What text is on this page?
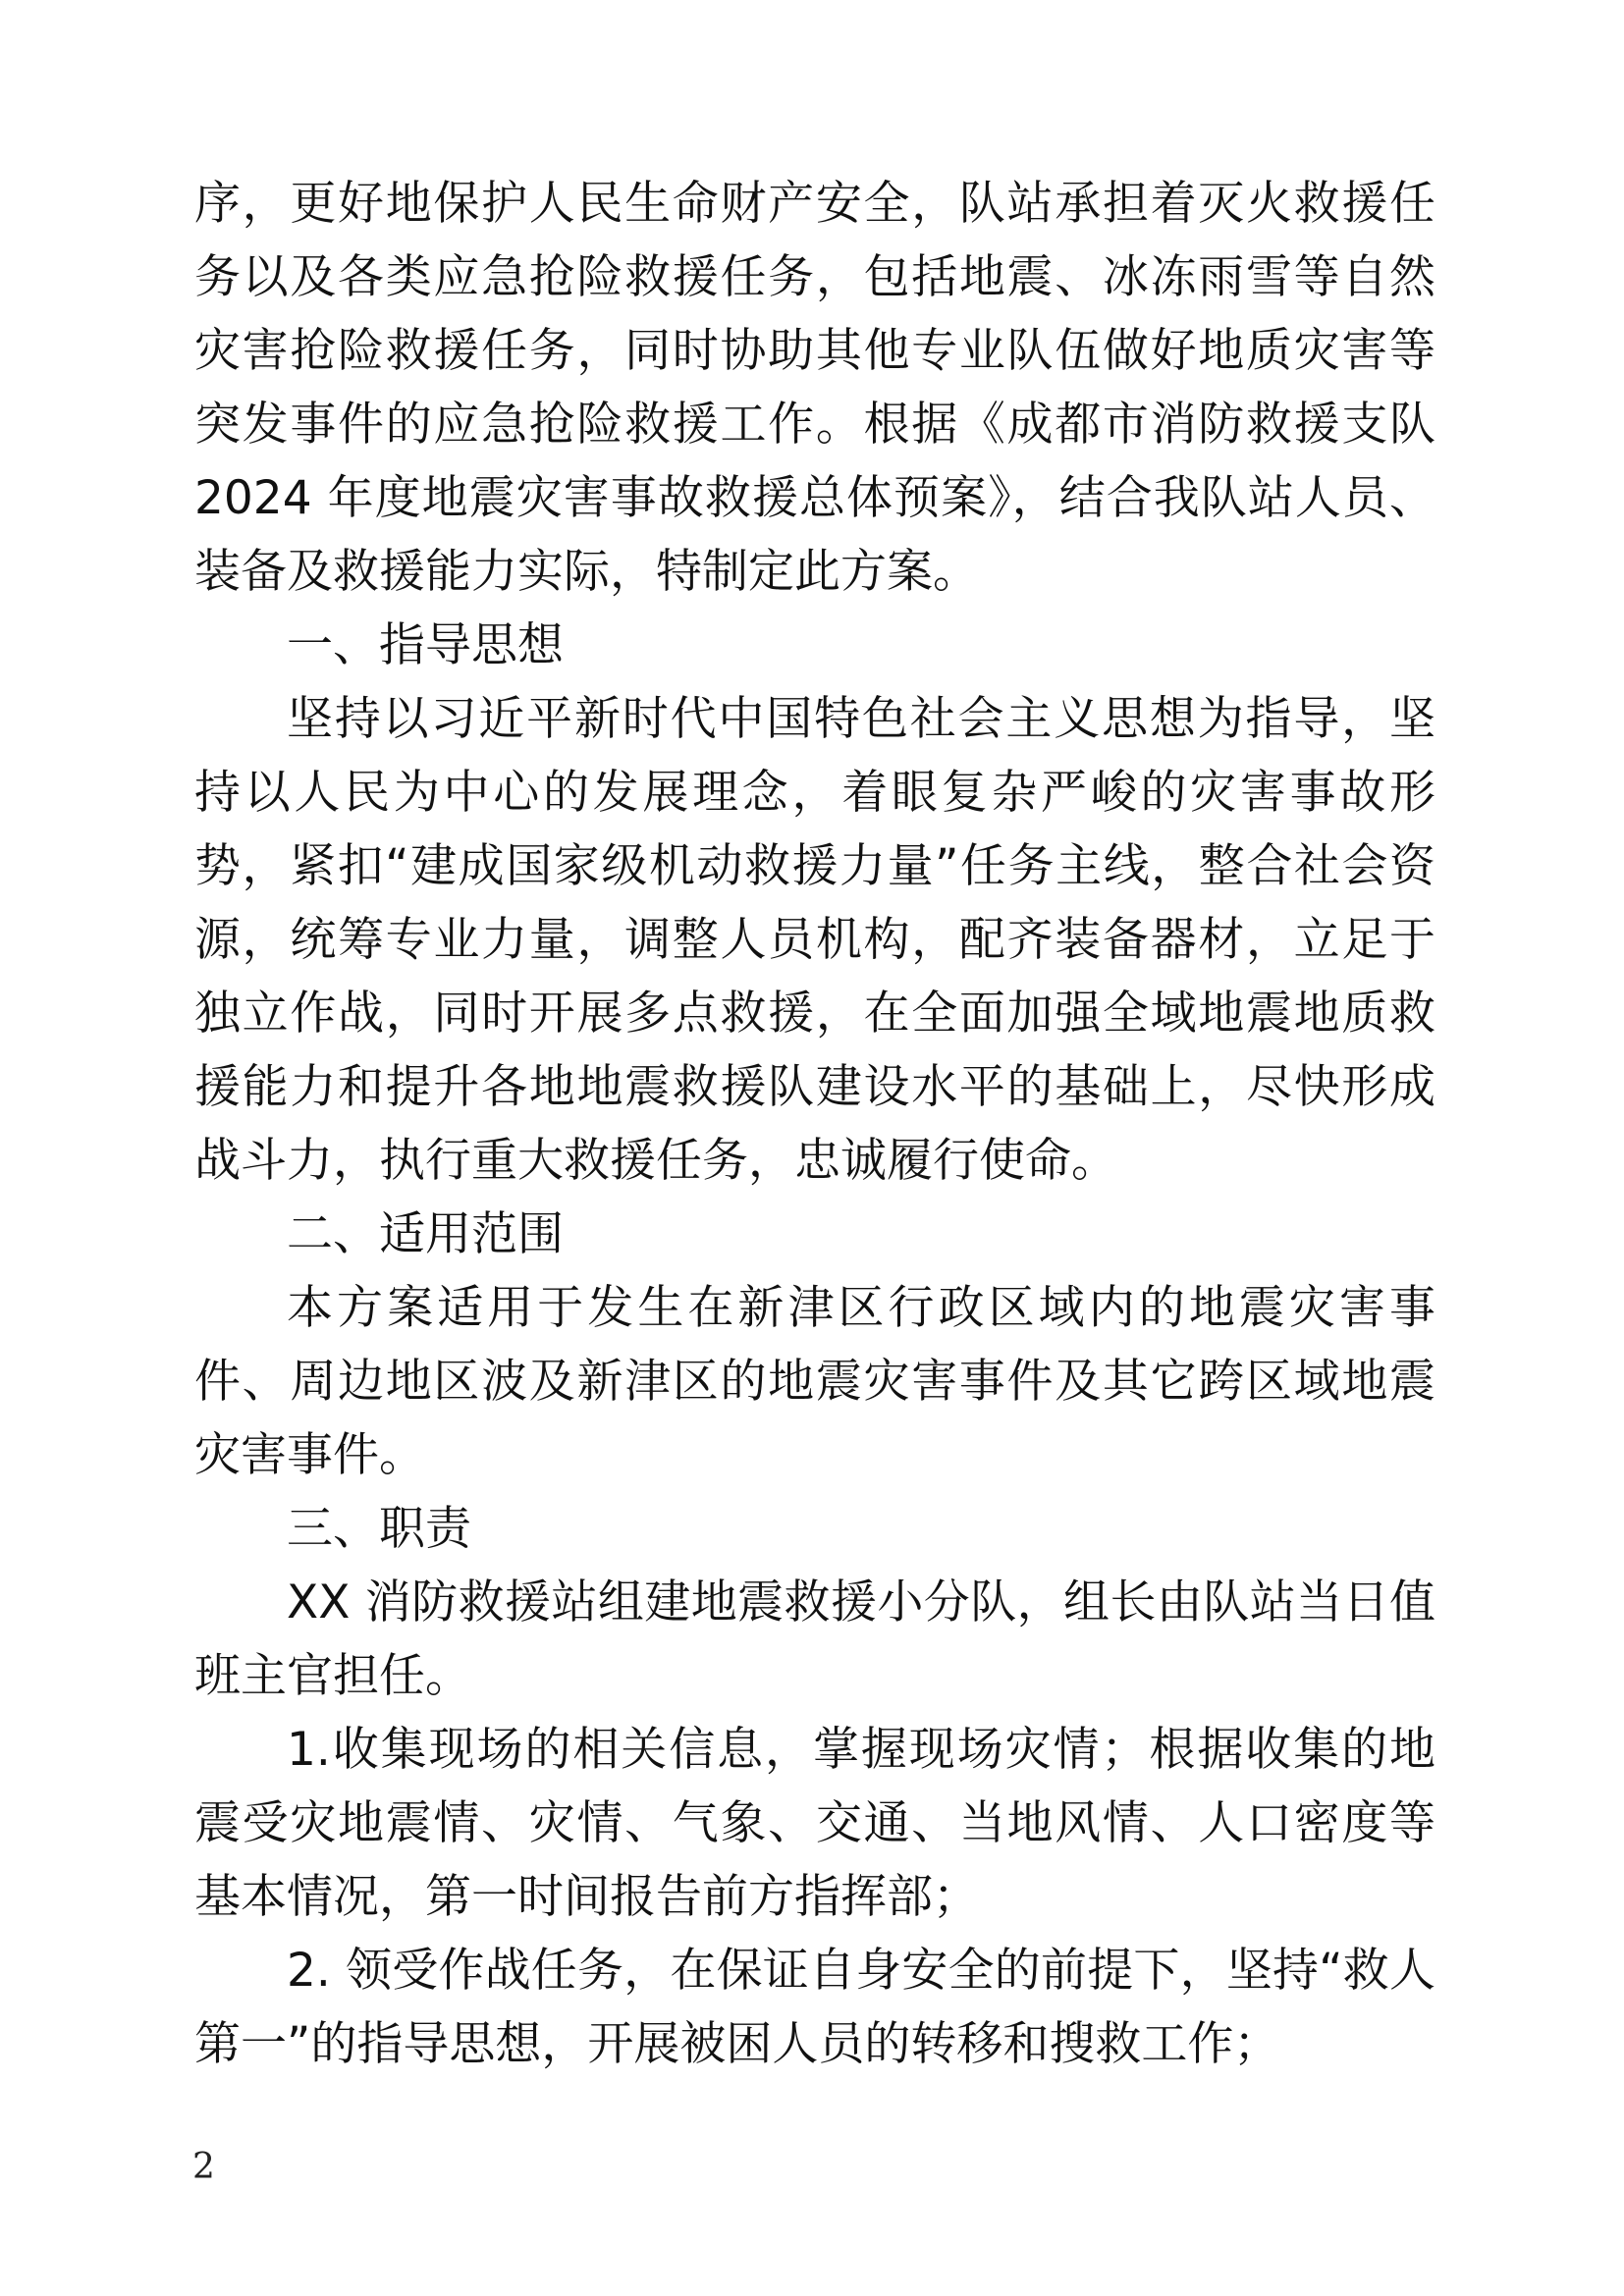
序，更好地保护人民生命财产安全，队站承担着灭火救援任务以及各类应急抢险救援任务，包括地震、冰冻雨雪等自然灾害抢险救援任务，同时协助其他专业队伍做好地质灾害等突发事件的应急抢险救援工作。根据《成都市消防救援支队 2024 年度地震灾害事故救援总体预案》，结合我队站人员、装备及救援能力实际，特制定此方案。

一、指导思想

坚持以习近平新时代中国特色社会主义思想为指导，坚持以人民为中心的发展理念，着眼复杂严峻的灾害事故形势，紧扣“建成国家级机动救援力量”任务主线，整合社会资源，统筹专业力量，调整人员机构，配齐装备器材，立足于独立作战，同时开展多点救援，在全面加强全域地震地质救援能力和提升各地地震救援队建设水平的基础上，尽快形成战斗力，执行重大救援任务，忠诚履行使命。

二、适用范围

本方案适用于发生在新津区行政区域内的地震灾害事件、周边地区波及新津区的地震灾害事件及其它跨区域地震灾害事件。

三、职责

XX 消防救援站组建地震救援小分队，组长由队站当日值班主官担任。

1.收集现场的相关信息，掌握现场灾情；根据收集的地震受灾地震情、灾情、气象、交通、当地风情、人口密度等基本情况，第一时间报告前方指挥部；

2. 领受作战任务，在保证自身安全的前提下，坚持“救人第一”的指导思想，开展被困人员的转移和搜救工作；

2
